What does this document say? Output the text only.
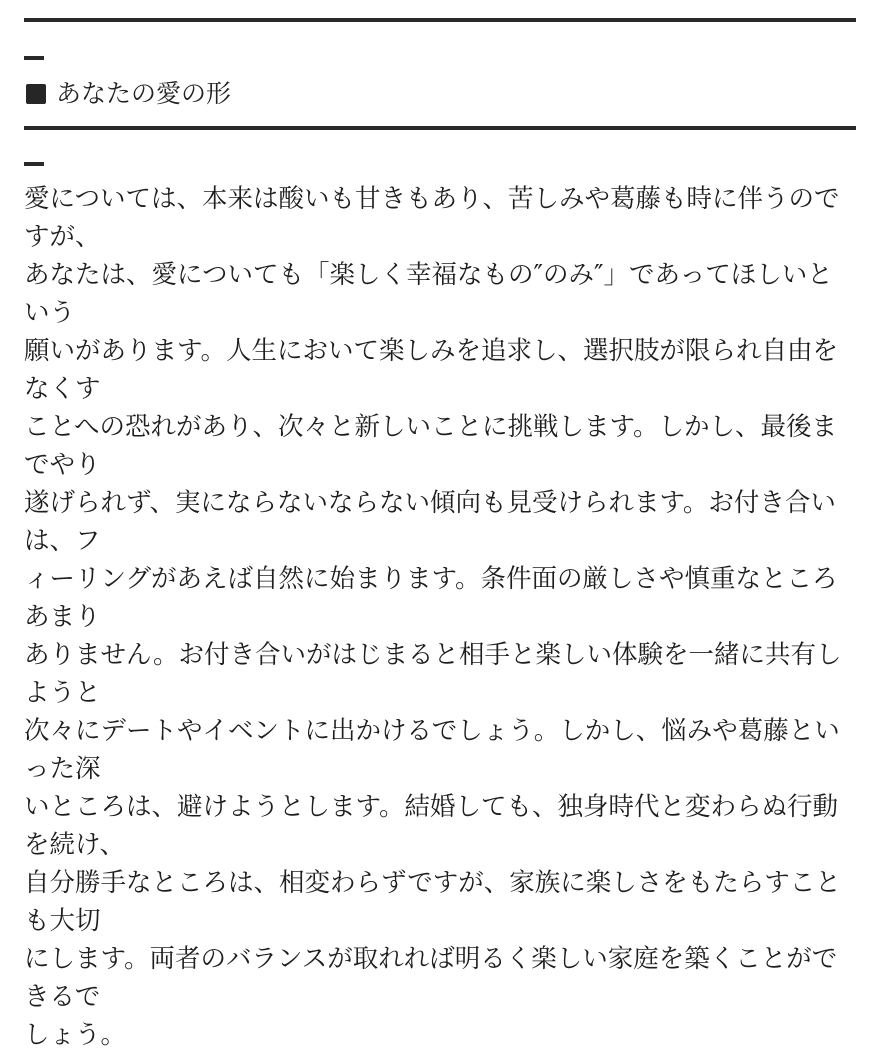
あなたの愛の形
愛については、本来は酸いも甘きもあり、苦しみや葛藤も時に伴うので
すが、
あなたは、愛についても「楽しく幸福なもの″のみ″」であってほしいと
いう
願いがあります。人生において楽しみを追求し、選択肢が限られ自由を
なくす
ことへの恐れがあり、次々と新しいことに挑戦します。しかし、最後ま
でやり
遂げられず、実にならないならない傾向も見受けられます。お付き合い
は、フ
ィーリングがあえば自然に始まります。条件面の厳しさや慎重なところ
あまり
ありません。お付き合いがはじまると相手と楽しい体験を一緒に共有し
ようと
次々にデートやイベントに出かけるでしょう。しかし、悩みや葛藤とい
った深
いところは、避けようとします。結婚しても、独身時代と変わらぬ行動
を続け、
自分勝手なところは、相変わらずですが、家族に楽しさをもたらすこと
も大切
にします。両者のバランスが取れれば明るく楽しい家庭を築くことがで
きるで
しょう。
